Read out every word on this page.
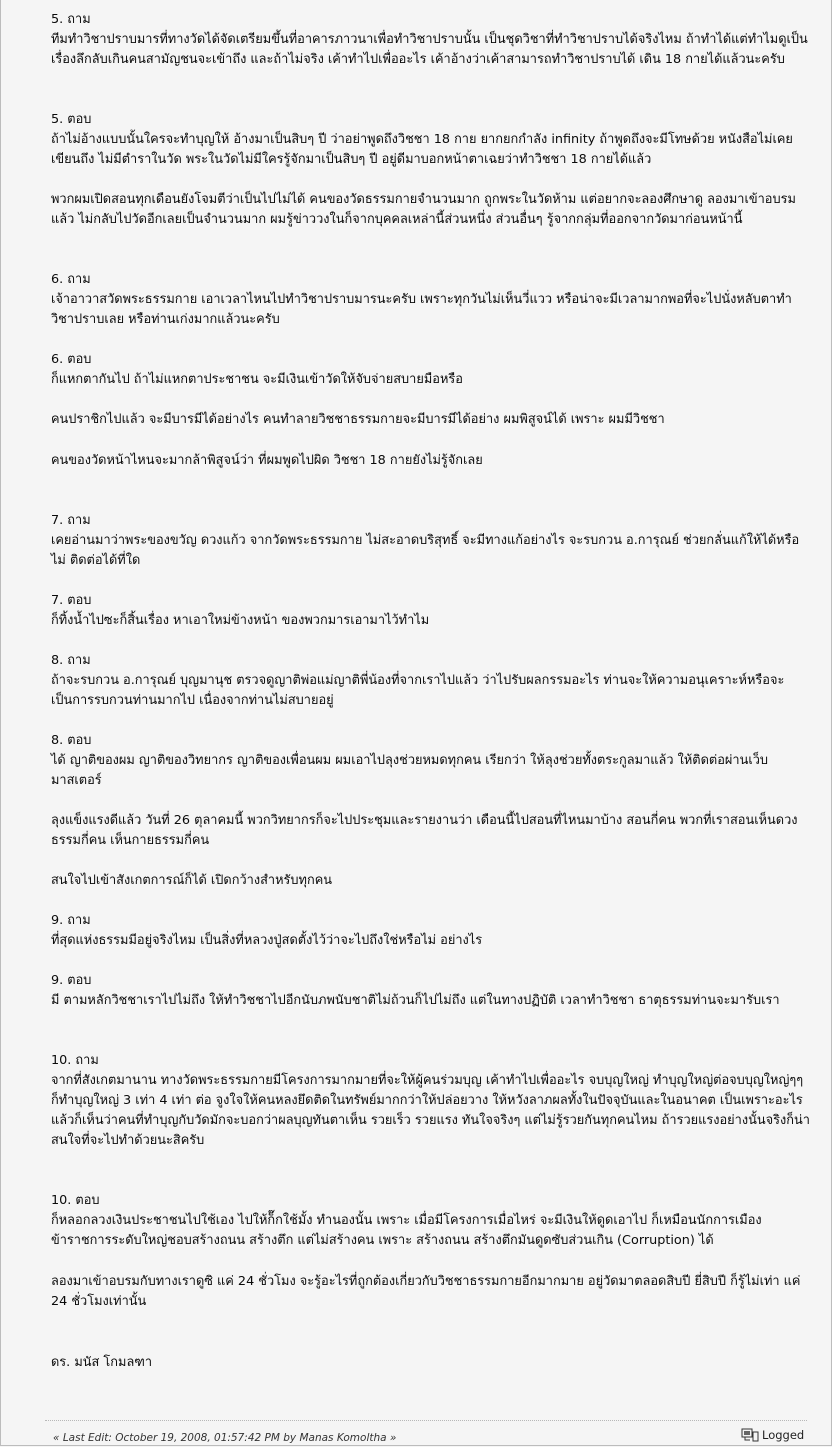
5. ถาม
ทีมทำวิชาปราบมารที่ทางวัดได้จัดเตรียมขึ้นที่อาคารภาวนาเพื่อทำวิชาปราบนั้น เป็นชุดวิชาที่ทำวิชาปราบได้จริงไหม ถ้าทำได้แต่ทำไมดูเป็นเรื่องลึกลับเกินคนสามัญชนจะเข้าถึง และถ้าไม่จริง เค้าทำไปเพื่ออะไร เค้าอ้างว่าเค้าสามารถทำวิชาปราบได้ เดิน 18 กายได้แล้วนะครับ
5. ตอบ
ถ้าไม่อ้างแบบนั้นใครจะทำบุญให้ อ้างมาเป็นสิบๆ ปี ว่าอย่าพูดถึงวิชชา 18 กาย ยากยกกำลัง infinity ถ้าพูดถึงจะมีโทษด้วย หนังสือไม่เคยเขียนถึง ไม่มีตำราในวัด พระในวัดไม่มีใครรู้จักมาเป็นสิบๆ ปี อยู่ดีมาบอกหน้าตาเฉยว่าทำวิชชา 18 กายได้แล้ว
พวกผมเปิดสอนทุกเดือนยังโจมตีว่าเป็นไปไม่ได้ คนของวัดธรรมกายจำนวนมาก ถูกพระในวัดห้าม แต่อยากจะลองศึกษาดู ลองมาเข้าอบรมแล้ว ไม่กลับไปวัดอีกเลยเป็นจำนวนมาก ผมรู้ข่าววงในก็จากบุคคลเหล่านี้ส่วนหนึ่ง ส่วนอื่นๆ รู้จากกลุ่มที่ออกจากวัดมาก่อนหน้านี้
6. ถาม
เจ้าอาวาสวัดพระธรรมกาย เอาเวลาไหนไปทำวิชาปราบมารนะครับ เพราะทุกวันไม่เห็นวี่แวว หรือน่าจะมีเวลามากพอที่จะไปนั่งหลับตาทำวิชาปราบเลย หรือท่านเก่งมากแล้วนะครับ
6. ตอบ
ก็แหกตากันไป ถ้าไม่แหกตาประชาชน จะมีเงินเข้าวัดให้จับจ่ายสบายมือหรือ
คนปราชิกไปแล้ว จะมีบารมีได้อย่างไร คนทำลายวิชชาธรรมกายจะมีบารมีได้อย่าง ผมพิสูจน์ได้ เพราะ ผมมีวิชชา
คนของวัดหน้าไหนจะมากล้าพิสูจน์ว่า ที่ผมพูดไปผิด วิชชา 18 กายยังไม่รู้จักเลย
7. ถาม
เคยอ่านมาว่าพระของขวัญ ดวงแก้ว จากวัดพระธรรมกาย ไม่สะอาดบริสุทธิ์ จะมีทางแก้อย่างไร จะรบกวน อ.การุณย์ ช่วยกลั่นแก้ให้ได้หรือไม่ ติดต่อได้ที่ใด
7. ตอบ
ก็ทิ้งน้ำไปซะก็สิ้นเรื่อง หาเอาใหม่ข้างหน้า ของพวกมารเอามาไว้ทำไม
8. ถาม
ถ้าจะรบกวน อ.การุณย์ บุญมานุช ตรวจดูญาติพ่อแม่ญาติพี่น้องที่จากเราไปแล้ว ว่าไปรับผลกรรมอะไร ท่านจะให้ความอนุเคราะห์หรือจะเป็นการรบกวนท่านมากไป เนื่องจากท่านไม่สบายอยู่
8. ตอบ
ได้ ญาติของผม ญาติของวิทยากร ญาติของเพื่อนผม ผมเอาไปลุงช่วยหมดทุกคน เรียกว่า ให้ลุงช่วยทั้งตระกูลมาแล้ว ให้ติดต่อผ่านเว็บมาสเตอร์
ลุงแข็งแรงดีแล้ว วันที่ 26 ตุลาคมนี้ พวกวิทยากรก็จะไปประชุมและรายงานว่า เดือนนี้ไปสอนที่ไหนมาบ้าง สอนกี่คน พวกที่เราสอนเห็นดวงธรรมกี่คน เห็นกายธรรมกี่คน
สนใจไปเข้าสังเกตการณ์ก็ได้ เปิดกว้างสำหรับทุกคน
9. ถาม
ที่สุดแห่งธรรมมีอยู่จริงไหม เป็นสิ่งที่หลวงปู่สดตั้งไว้ว่าจะไปถึงใช่หรือไม่ อย่างไร
9. ตอบ
มี ตามหลักวิชชาเราไปไม่ถึง ให้ทำวิชชาไปอีกนับภพนับชาติไม่ถ้วนก็ไปไม่ถึง แต่ในทางปฏิบัติ เวลาทำวิชชา ธาตุธรรมท่านจะมารับเรา
10. ถาม
จากที่สังเกตมานาน ทางวัดพระธรรมกายมีโครงการมากมายที่จะให้ผู้คนร่วมบุญ เค้าทำไปเพื่ออะไร จบบุญใหญ่ ทำบุญใหญ่ต่อจบบุญใหญ่ๆๆ ก็ทำบุญใหญ่ 3 เท่า 4 เท่า ต่อ จูงใจให้คนหลงยึดติดในทรัพย์มากกว่าให้ปล่อยวาง ให้หวังลาภผลทั้งในปัจจุบันและในอนาคต เป็นเพราะอะไร แล้วก็เห็นว่าคนที่ทำบุญกับวัดมักจะบอกว่าผลบุญทันตาเห็น รวยเร็ว รวยแรง ทันใจจริงๆ แต่ไม่รู้รวยกันทุกคนไหม ถ้ารวยแรงอย่างนั้นจริงก็น่าสนใจที่จะไปทำด้วยนะสิครับ
10. ตอบ
ก็หลอกลวงเงินประชาชนไปใช้เอง ไปให้ก็๊กใช้มั้ง ทำนองนั้น เพราะ เมื่อมีโครงการเมื่อไหร่ จะมีเงินให้ดูดเอาไป ก็เหมือนนักการเมือง ข้าราชการระดับใหญ่ชอบสร้างถนน สร้างตึก แต่ไม่สร้างคน เพราะ สร้างถนน สร้างตึกมันดูดซับส่วนเกิน (Corruption) ได้
ลองมาเข้าอบรมกับทางเราดูซิ แค่ 24 ชั่วโมง จะรู้อะไรที่ถูกต้องเกี่ยวกับวิชชาธรรมกายอีกมากมาย อยู่วัดมาตลอดสิบปี ยี่สิบปี ก็รู้ไม่เท่า แค่ 24 ชั่วโมงเท่านั้น
ดร. มนัส โกมลฑา
« Last Edit: October 19, 2008, 01:57:42 PM by Manas Komoltha »	Logged
